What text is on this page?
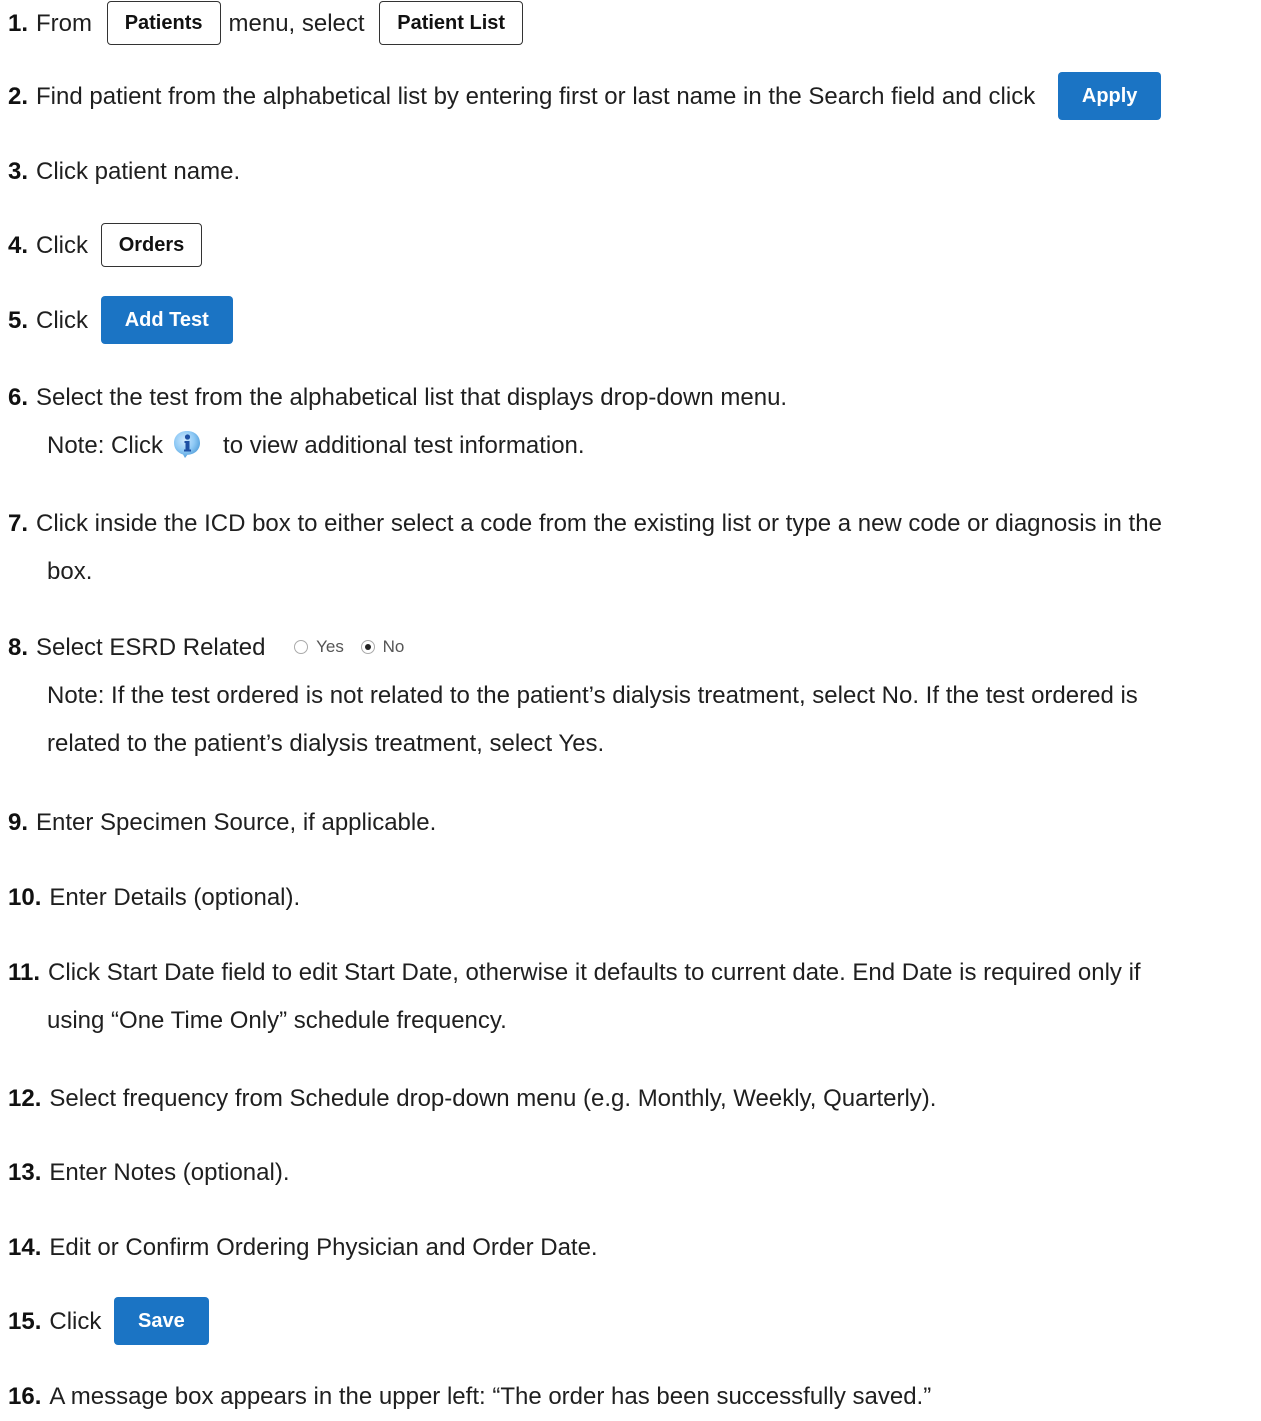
1. From Patients menu, select Patient List
2. Find patient from the alphabetical list by entering first or last name in the Search field and click Apply
3. Click patient name.
4. Click Orders
5. Click Add Test
6. Select the test from the alphabetical list that displays drop-down menu.
Note: Click	to view additional test information.
7. Click inside the ICD box to either select a code from the existing list or type a new code or diagnosis in the
box.
8. Select ESRD Related	Yes No
Note: If the test ordered is not related to the patient’s dialysis treatment, select No. If the test ordered is
related to the patient’s dialysis treatment, select Yes.
9. Enter Specimen Source, if applicable.
10. Enter Details (optional).
11. Click Start Date field to edit Start Date, otherwise it defaults to current date. End Date is required only if
using “One Time Only” schedule frequency.
12. Select frequency from Schedule drop-down menu (e.g. Monthly, Weekly, Quarterly).
13. Enter Notes (optional).
14. Edit or Confirm Ordering Physician and Order Date.
15. Click Save
16. A message box appears in the upper left: “The order has been successfully saved.”
